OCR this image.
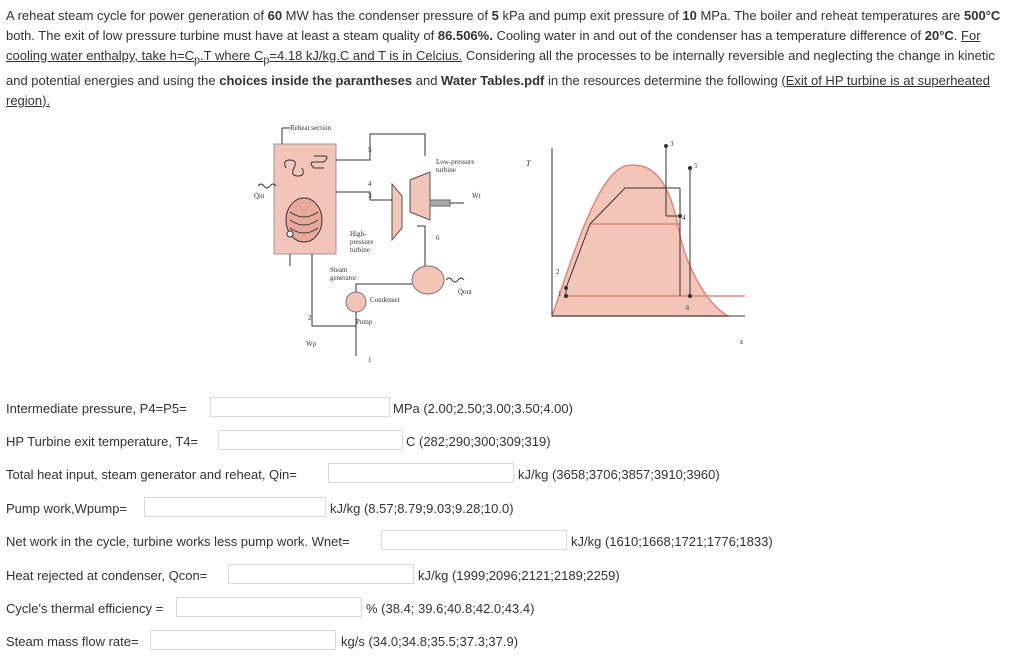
A reheat steam cycle for power generation of 60 MW has the condenser pressure of 5 kPa and pump exit pressure of 10 MPa. The boiler and reheat temperatures are 500°C both. The exit of low pressure turbine must have at least a steam quality of 86.506%. Cooling water in and out of the condenser has a temperature difference of 20°C. For cooling water enthalpy, take $h=C_p.T$ where $C_p=4.18$ kJ/kg.C and T is in Celcius. Considering all the processes to be internally reversible and neglecting the change in kinetic and potential energies and using the choices inside the parantheses and Water Tables.pdf in the resources determine the following (Exit of HP turbine is at superheated region).
Reheat section
Q̇in
5
4
3
High-
pressure
turbine
Low-pressure
turbine
Ẇt
6
Steam
generator
Condenser
Q̇out
Pump
2
Ẇp
1
T
s
1
2
3
4
5
6
Intermediate pressure, P4=P5=	MPa (2.00;2.50;3.00;3.50;4.00)
HP Turbine exit temperature, T4=	C (282;290;300;309;319)
Total heat input, steam generator and reheat, Qin=	kJ/kg (3658;3706;3857;3910;3960)
Pump work,Wpump=	kJ/kg (8.57;8.79;9.03;9.28;10.0)
Net work in the cycle, turbine works less pump work. Wnet=	kJ/kg (1610;1668;1721;1776;1833)
Heat rejected at condenser, Qcon=	kJ/kg (1999;2096;2121;2189;2259)
Cycle's thermal efficiency =	% (38.4; 39.6;40.8;42.0;43.4)
Steam mass flow rate=	kg/s (34.0;34.8;35.5;37.3;37.9)
